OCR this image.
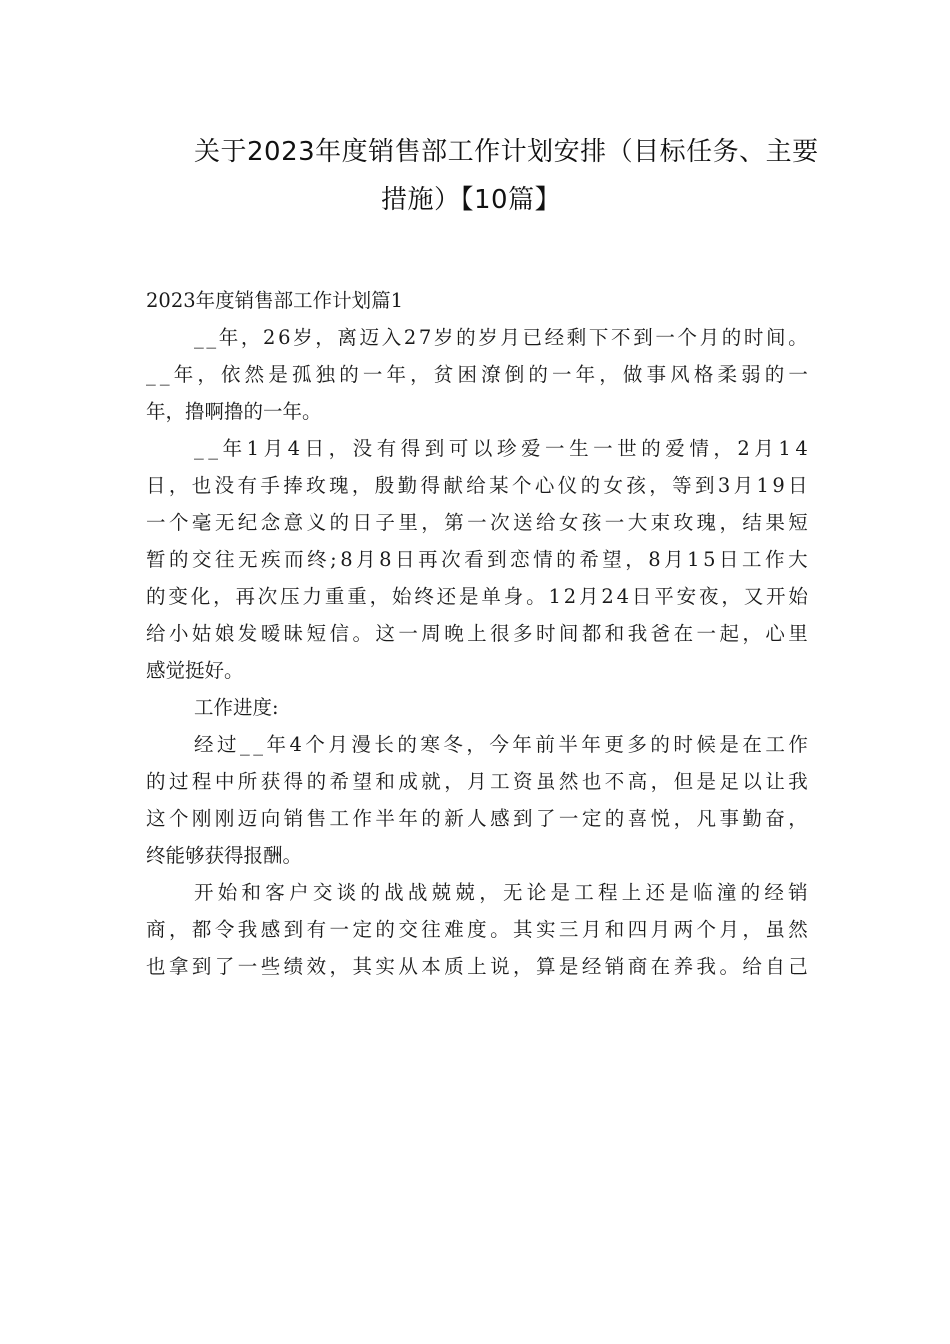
关于2023年度销售部工作计划安排（目标任务、主要
措施）【10篇】
2023年度销售部工作计划篇1
_ _ 年 ， 2 6 岁 ， 离 迈 入 2 7 岁 的 岁 月 已 经 剩 下 不 到 一 个 月 的 时 间 。
_ _ 年 ， 依 然 是 孤 独 的 一 年 ， 贫 困 潦 倒 的 一 年 ， 做 事 风 格 柔 弱 的 一
年，撸啊撸的一年。
_ _ 年 1 月 4 日 ， 没 有 得 到 可 以 珍 爱 一 生 一 世 的 爱 情 ， 2 月 1 4
日 ， 也 没 有 手 捧 玫 瑰 ， 殷 勤 得 献 给 某 个 心 仪 的 女 孩 ， 等 到 3 月 1 9 日
一 个 毫 无 纪 念 意 义 的 日 子 里 ， 第 一 次 送 给 女 孩 一 大 束 玫 瑰 ， 结 果 短
暂 的 交 往 无 疾 而 终 ; 8 月 8 日 再 次 看 到 恋 情 的 希 望 ， 8 月 1 5 日 工 作 大
的 变 化 ， 再 次 压 力 重 重 ， 始 终 还 是 单 身 。 1 2 月 2 4 日 平 安 夜 ， 又 开 始
给 小 姑 娘 发 暧 昧 短 信 。 这 一 周 晚 上 很 多 时 间 都 和 我 爸 在 一 起 ， 心 里
感觉挺好。
工作进度:
经 过 _ _ 年 4 个 月 漫 长 的 寒 冬 ， 今 年 前 半 年 更 多 的 时 候 是 在 工 作
的 过 程 中 所 获 得 的 希 望 和 成 就 ， 月 工 资 虽 然 也 不 高 ， 但 是 足 以 让 我
这 个 刚 刚 迈 向 销 售 工 作 半 年 的 新 人 感 到 了 一 定 的 喜 悦 ， 凡 事 勤 奋 ，
终能够获得报酬。
开 始 和 客 户 交 谈 的 战 战 兢 兢 ， 无 论 是 工 程 上 还 是 临 潼 的 经 销
商 ， 都 令 我 感 到 有 一 定 的 交 往 难 度 。 其 实 三 月 和 四 月 两 个 月 ， 虽 然
也 拿 到 了 一 些 绩 效 ， 其 实 从 本 质 上 说 ， 算 是 经 销 商 在 养 我 。 给 自 己
